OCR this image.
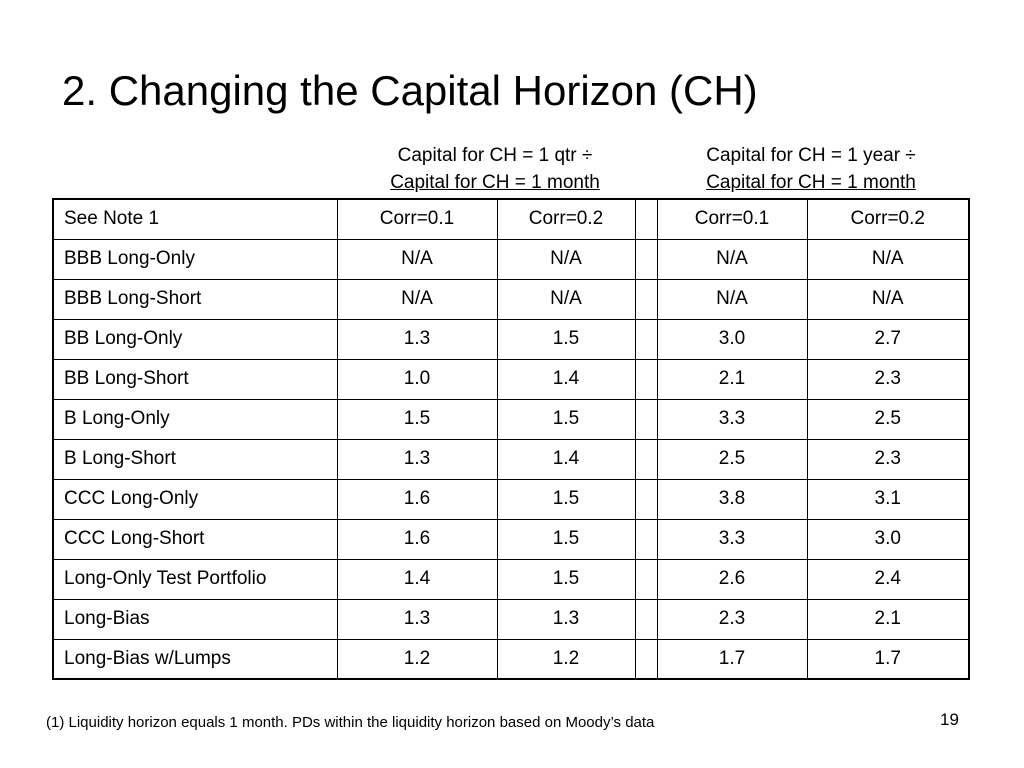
2. Changing the Capital Horizon (CH)
Capital for CH = 1 qtr ÷
Capital for CH = 1 month
Capital for CH = 1 year ÷
Capital for CH = 1 month
See Note 1	Corr=0.1	Corr=0.2		Corr=0.1	Corr=0.2
BBB Long-Only	N/A	N/A		N/A	N/A
BBB Long-Short	N/A	N/A		N/A	N/A
BB Long-Only	1.3	1.5		3.0	2.7
BB Long-Short	1.0	1.4		2.1	2.3
B Long-Only	1.5	1.5		3.3	2.5
B Long-Short	1.3	1.4		2.5	2.3
CCC Long-Only	1.6	1.5		3.8	3.1
CCC Long-Short	1.6	1.5		3.3	3.0
Long-Only Test Portfolio	1.4	1.5		2.6	2.4
Long-Bias	1.3	1.3		2.3	2.1
Long-Bias w/Lumps	1.2	1.2		1.7	1.7
(1) Liquidity horizon equals 1 month. PDs within the liquidity horizon based on Moody’s data	19
